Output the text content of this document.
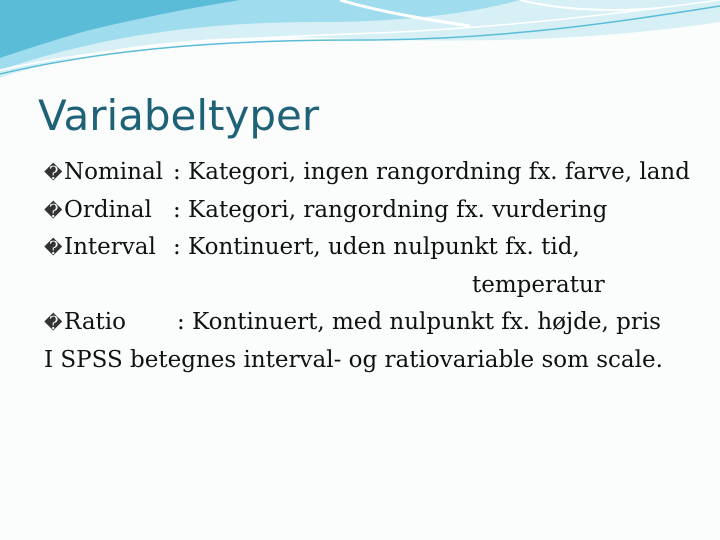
Variabeltyper
�Nominal : Kategori, ingen rangordning fx. farve, land
�Ordinal : Kategori, rangordning fx. vurdering
�Interval : Kontinuert, uden nulpunkt fx. tid,
temperatur
�Ratio : Kontinuert, med nulpunkt fx. højde, pris
I SPSS betegnes interval- og ratiovariable som scale.
